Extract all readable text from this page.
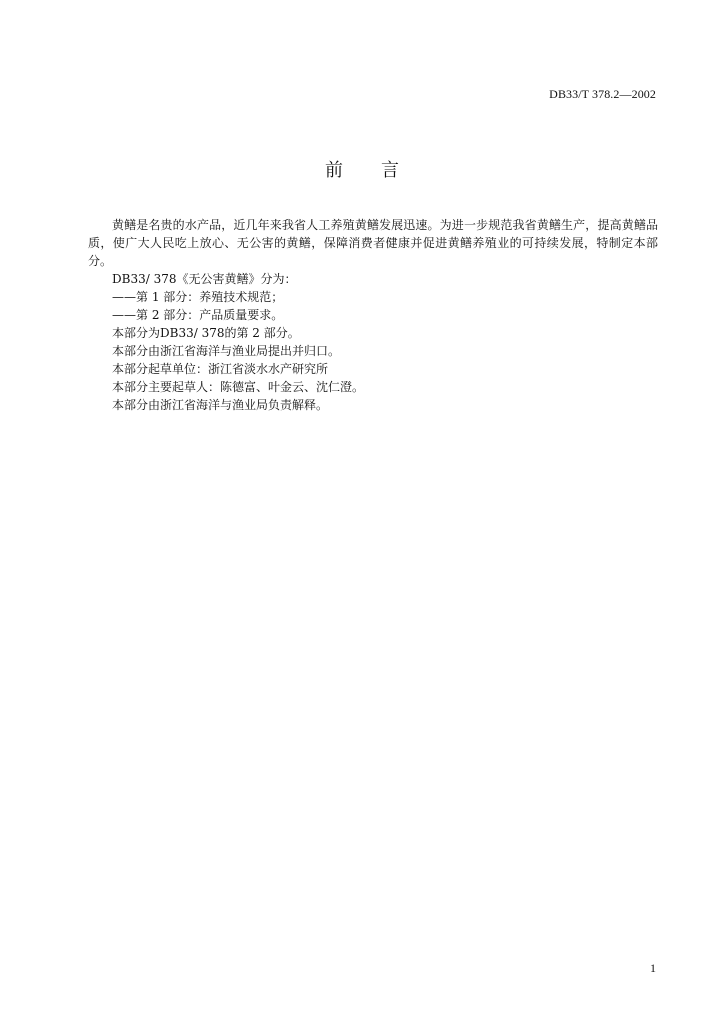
DB33/T 378.2—2002
前 言

黄鳝是名贵的水产品，近几年来我省人工养殖黄鳝发展迅速。为进一步规范我省黄鳝生产，提高黄鳝品质，使广大人民吃上放心、无公害的黄鳝，保障消费者健康并促进黄鳝养殖业的可持续发展，特制定本部分。

DB33/ 378《无公害黄鳝》分为：

——第 1 部分：养殖技术规范；

——第 2 部分：产品质量要求。

本部分为DB33/ 378的第 2 部分。

本部分由浙江省海洋与渔业局提出并归口。

本部分起草单位：浙江省淡水水产研究所

本部分主要起草人：陈德富、叶金云、沈仁澄。

本部分由浙江省海洋与渔业局负责解释。

1
